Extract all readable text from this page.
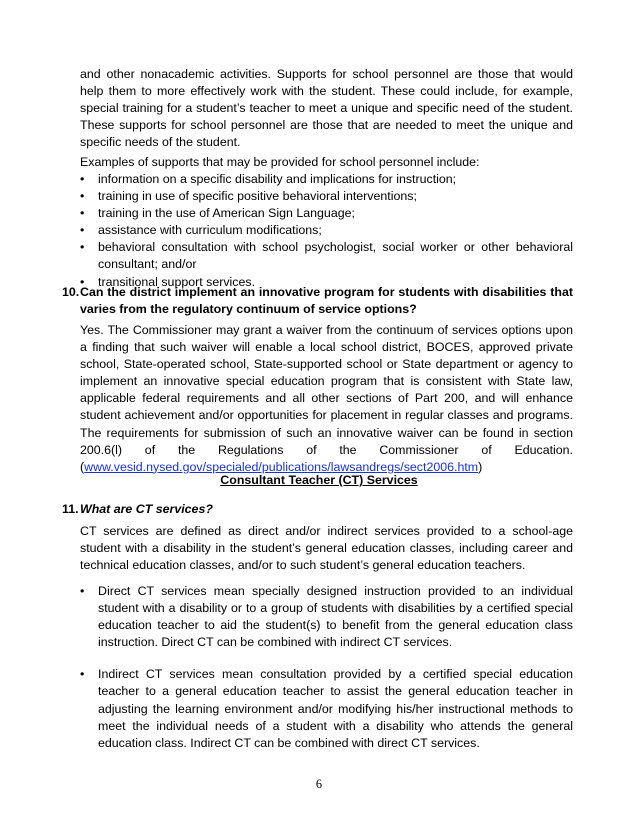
and other nonacademic activities. Supports for school personnel are those that would help them to more effectively work with the student. These could include, for example, special training for a student’s teacher to meet a unique and specific need of the student. These supports for school personnel are those that are needed to meet the unique and specific needs of the student.

Examples of supports that may be provided for school personnel include:

• information on a specific disability and implications for instruction;
• training in use of specific positive behavioral interventions;
• training in the use of American Sign Language;
• assistance with curriculum modifications;
• behavioral consultation with school psychologist, social worker or other behavioral consultant; and/or
• transitional support services.
10. Can the district implement an innovative program for students with disabilities that varies from the regulatory continuum of service options?

Yes. The Commissioner may grant a waiver from the continuum of services options upon a finding that such waiver will enable a local school district, BOCES, approved private school, State-operated school, State-supported school or State department or agency to implement an innovative special education program that is consistent with State law, applicable federal requirements and all other sections of Part 200, and will enhance student achievement and/or opportunities for placement in regular classes and programs. The requirements for submission of such an innovative waiver can be found in section 200.6(l) of the Regulations of the Commissioner of Education. (www.vesid.nysed.gov/specialed/publications/lawsandregs/sect2006.htm)

Consultant Teacher (CT) Services

11. What are CT services?

CT services are defined as direct and/or indirect services provided to a school-age student with a disability in the student’s general education classes, including career and technical education classes, and/or to such student’s general education teachers.

• Direct CT services mean specially designed instruction provided to an individual student with a disability or to a group of students with disabilities by a certified special education teacher to aid the student(s) to benefit from the general education class instruction. Direct CT can be combined with indirect CT services.
• Indirect CT services mean consultation provided by a certified special education teacher to a general education teacher to assist the general education teacher in adjusting the learning environment and/or modifying his/her instructional methods to meet the individual needs of a student with a disability who attends the general education class. Indirect CT can be combined with direct CT services.
6
